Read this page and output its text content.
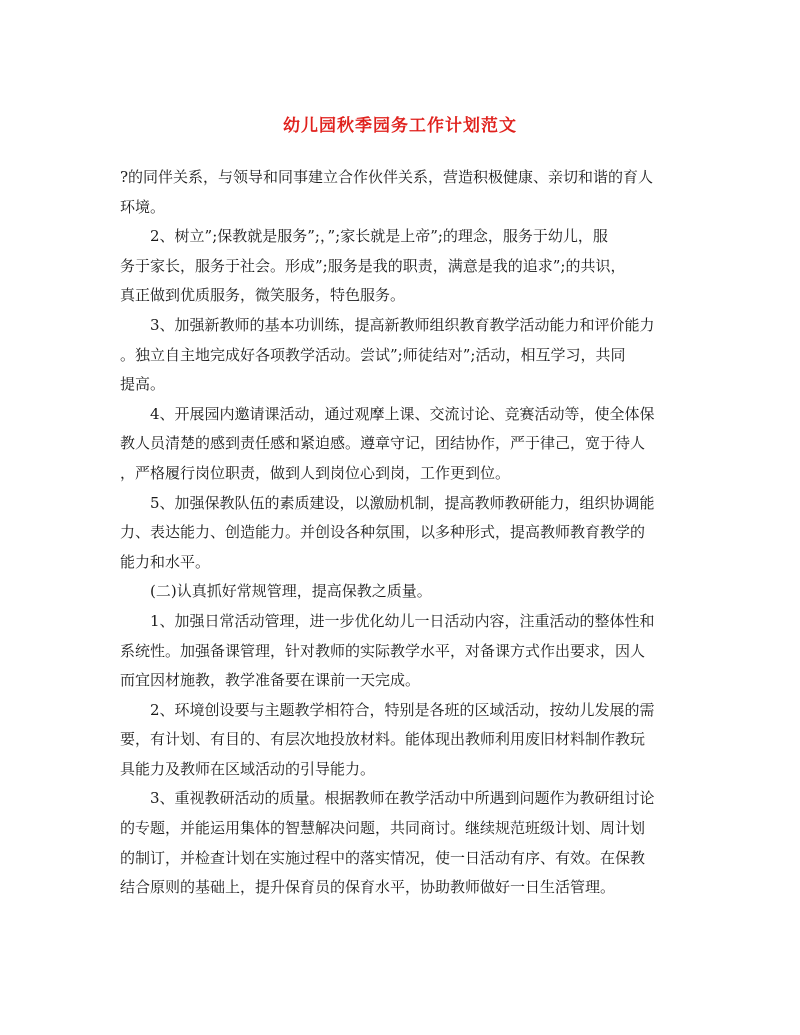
幼儿园秋季园务工作计划范文
?的同伴关系，与领导和同事建立合作伙伴关系，营造积极健康、亲切和谐的育人
环境。
2、树立”;保教就是服务”;，”;家长就是上帝”;的理念，服务于幼儿，服
务于家长，服务于社会。形成”;服务是我的职责，满意是我的追求”;的共识，
真正做到优质服务，微笑服务，特色服务。
3、加强新教师的基本功训练，提高新教师组织教育教学活动能力和评价能力
。独立自主地完成好各项教学活动。尝试”;师徒结对”;活动，相互学习，共同
提高。
4、开展园内邀请课活动，通过观摩上课、交流讨论、竞赛活动等，使全体保
教人员清楚的感到责任感和紧迫感。遵章守记，团结协作，严于律己，宽于待人
，严格履行岗位职责，做到人到岗位心到岗，工作更到位。
5、加强保教队伍的素质建设，以激励机制，提高教师教研能力，组织协调能
力、表达能力、创造能力。并创设各种氛围，以多种形式，提高教师教育教学的
能力和水平。
(二)认真抓好常规管理，提高保教之质量。
1、加强日常活动管理，进一步优化幼儿一日活动内容，注重活动的整体性和
系统性。加强备课管理，针对教师的实际教学水平，对备课方式作出要求，因人
而宜因材施教，教学准备要在课前一天完成。
2、环境创设要与主题教学相符合，特别是各班的区域活动，按幼儿发展的需
要，有计划、有目的、有层次地投放材料。能体现出教师利用废旧材料制作教玩
具能力及教师在区域活动的引导能力。
3、重视教研活动的质量。根据教师在教学活动中所遇到问题作为教研组讨论
的专题，并能运用集体的智慧解决问题，共同商讨。继续规范班级计划、周计划
的制订，并检查计划在实施过程中的落实情况，使一日活动有序、有效。在保教
结合原则的基础上，提升保育员的保育水平，协助教师做好一日生活管理。
